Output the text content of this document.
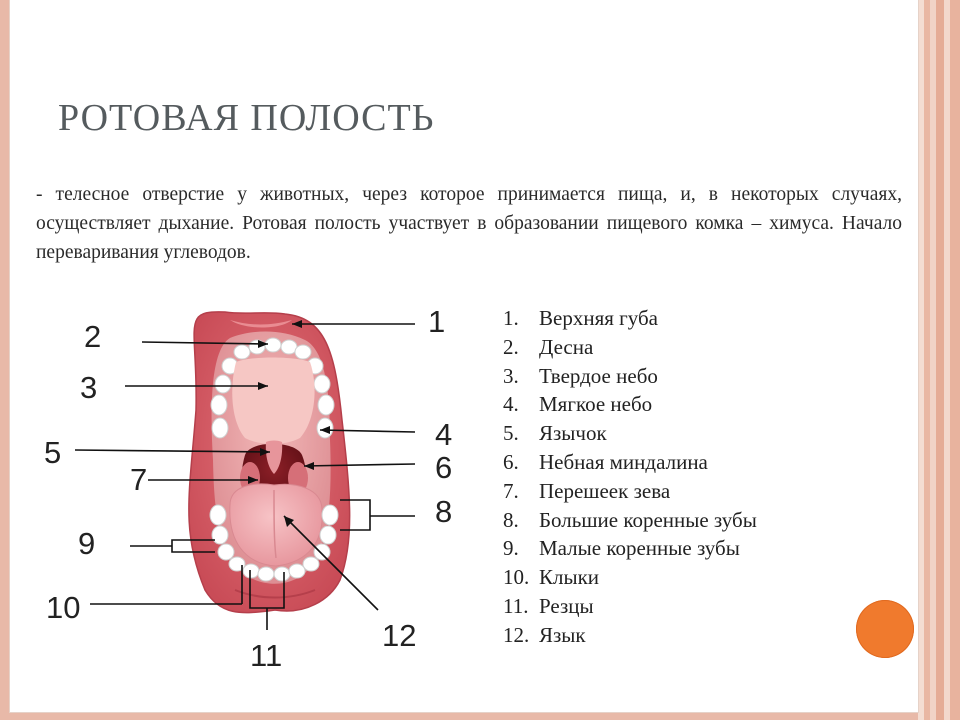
РОТОВАЯ ПОЛОСТЬ
- телесное отверстие у животных, через которое принимается пища, и, в некоторых случаях, осуществляет дыхание. Ротовая полость участвует в образовании пищевого комка – химуса. Начало переваривания углеводов.
1
2
3
4
5	6
7
8
9
10
11
12
1. Верхняя губа
2. Десна
3. Твердое небо
4. Мягкое небо
5. Язычок
6. Небная миндалина
7. Перешеек зева
8. Большие коренные зубы
9. Малые коренные зубы
10. Клыки
11. Резцы
12. Язык
